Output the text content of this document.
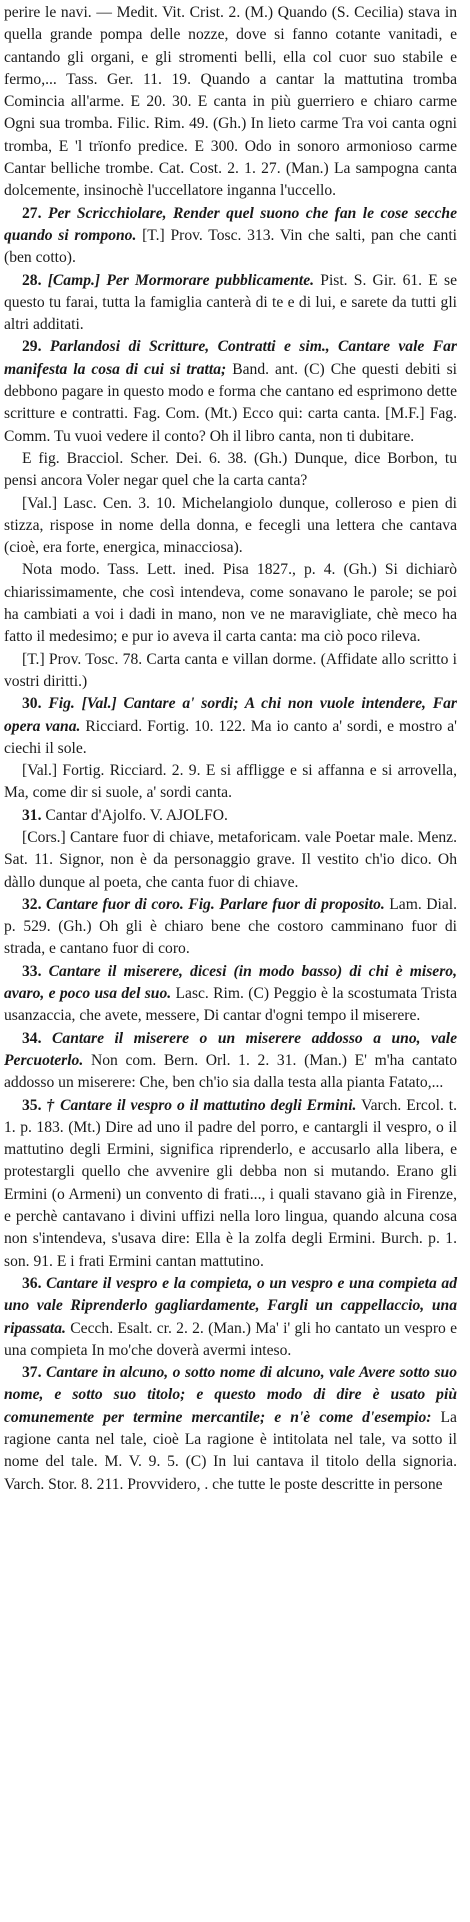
perire le navi. — Medit. Vit. Crist. 2. (M.) Quando (S. Cecilia) stava in quella grande pompa delle nozze, dove si fanno cotante vanitadi, e cantando gli organi, e gli stromenti belli, ella col cuor suo stabile e fermo,... Tass. Ger. 11. 19. Quando a cantar la mattutina tromba Comincia all'arme. E 20. 30. E canta in più guerriero e chiaro carme Ogni sua tromba. Filic. Rim. 49. (Gh.) In lieto carme Tra voi canta ogni tromba, E 'l trïonfo predice. E 300. Odo in sonoro armonioso carme Cantar belliche trombe. Cat. Cost. 2. 1. 27. (Man.) La sampogna canta dolcemente, insinochè l'uccellatore inganna l'uccello.

27. Per Scricchiolare, Render quel suono che fan le cose secche quando si rompono. [T.] Prov. Tosc. 313. Vin che salti, pan che canti (ben cotto).

28. [Camp.] Per Mormorare pubblicamente. Pist. S. Gir. 61. E se questo tu farai, tutta la famiglia canterà di te e di lui, e sarete da tutti gli altri additati.

29. Parlandosi di Scritture, Contratti e sim., Cantare vale Far manifesta la cosa di cui si tratta; Band. ant. (C) Che questi debiti si debbono pagare in questo modo e forma che cantano ed esprimono dette scritture e contratti. Fag. Com. (Mt.) Ecco qui: carta canta. [M.F.] Fag. Comm. Tu vuoi vedere il conto? Oh il libro canta, non ti dubitare.

E fig. Bracciol. Scher. Dei. 6. 38. (Gh.) Dunque, dice Borbon, tu pensi ancora Voler negar quel che la carta canta?

[Val.] Lasc. Cen. 3. 10. Michelangiolo dunque, colleroso e pien di stizza, rispose in nome della donna, e fecegli una lettera che cantava (cioè, era forte, energica, minacciosa).

Nota modo. Tass. Lett. ined. Pisa 1827., p. 4. (Gh.) Si dichiarò chiarissimamente, che così intendeva, come sonavano le parole; se poi ha cambiati a voi i dadi in mano, non ve ne maravigliate, chè meco ha fatto il medesimo; e pur io aveva il carta canta: ma ciò poco rileva.

[T.] Prov. Tosc. 78. Carta canta e villan dorme. (Affidate allo scritto i vostri diritti.)

30. Fig. [Val.] Cantare a' sordi; A chi non vuole intendere, Far opera vana. Ricciard. Fortig. 10. 122. Ma io canto a' sordi, e mostro a' ciechi il sole.

[Val.] Fortig. Ricciard. 2. 9. E si affligge e si affanna e si arrovella, Ma, come dir si suole, a' sordi canta.

31. Cantar d'Ajolfo. V. AJOLFO.

[Cors.] Cantare fuor di chiave, metaforicam. vale Poetar male. Menz. Sat. 11. Signor, non è da personaggio grave. Il vestito ch'io dico. Oh dàllo dunque al poeta, che canta fuor di chiave.

32. Cantare fuor di coro. Fig. Parlare fuor di proposito. Lam. Dial. p. 529. (Gh.) Oh gli è chiaro bene che costoro camminano fuor di strada, e cantano fuor di coro.

33. Cantare il miserere, dicesi (in modo basso) di chi è misero, avaro, e poco usa del suo. Lasc. Rim. (C) Peggio è la scostumata Trista usanzaccia, che avete, messere, Di cantar d'ogni tempo il miserere.

34. Cantare il miserere o un miserere addosso a uno, vale Percuoterlo. Non com. Bern. Orl. 1. 2. 31. (Man.) E' m'ha cantato addosso un miserere: Che, ben ch'io sia dalla testa alla pianta Fatato,...

35. † Cantare il vespro o il mattutino degli Ermini. Varch. Ercol. t. 1. p. 183. (Mt.) Dire ad uno il padre del porro, e cantargli il vespro, o il mattutino degli Ermini, significa riprenderlo, e accusarlo alla libera, e protestargli quello che avvenire gli debba non si mutando. Erano gli Ermini (o Armeni) un convento di frati..., i quali stavano già in Firenze, e perchè cantavano i divini uffizi nella loro lingua, quando alcuna cosa non s'intendeva, s'usava dire: Ella è la zolfa degli Ermini. Burch. p. 1. son. 91. E i frati Ermini cantan mattutino.

36. Cantare il vespro e la compieta, o un vespro e una compieta ad uno vale Riprenderlo gagliardamente, Fargli un cappellaccio, una ripassata. Cecch. Esalt. cr. 2. 2. (Man.) Ma' i' gli ho cantato un vespro e una compieta In mo'che doverà avermi inteso.

37. Cantare in alcuno, o sotto nome di alcuno, vale Avere sotto suo nome, e sotto suo titolo; e questo modo di dire è usato più comunemente per termine mercantile; e n'è come d'esempio: La ragione canta nel tale, cioè La ragione è intitolata nel tale, va sotto il nome del tale. M. V. 9. 5. (C) In lui cantava il titolo della signoria. Varch. Stor. 8. 211. Provvidero, . che tutte le poste descritte in persone
